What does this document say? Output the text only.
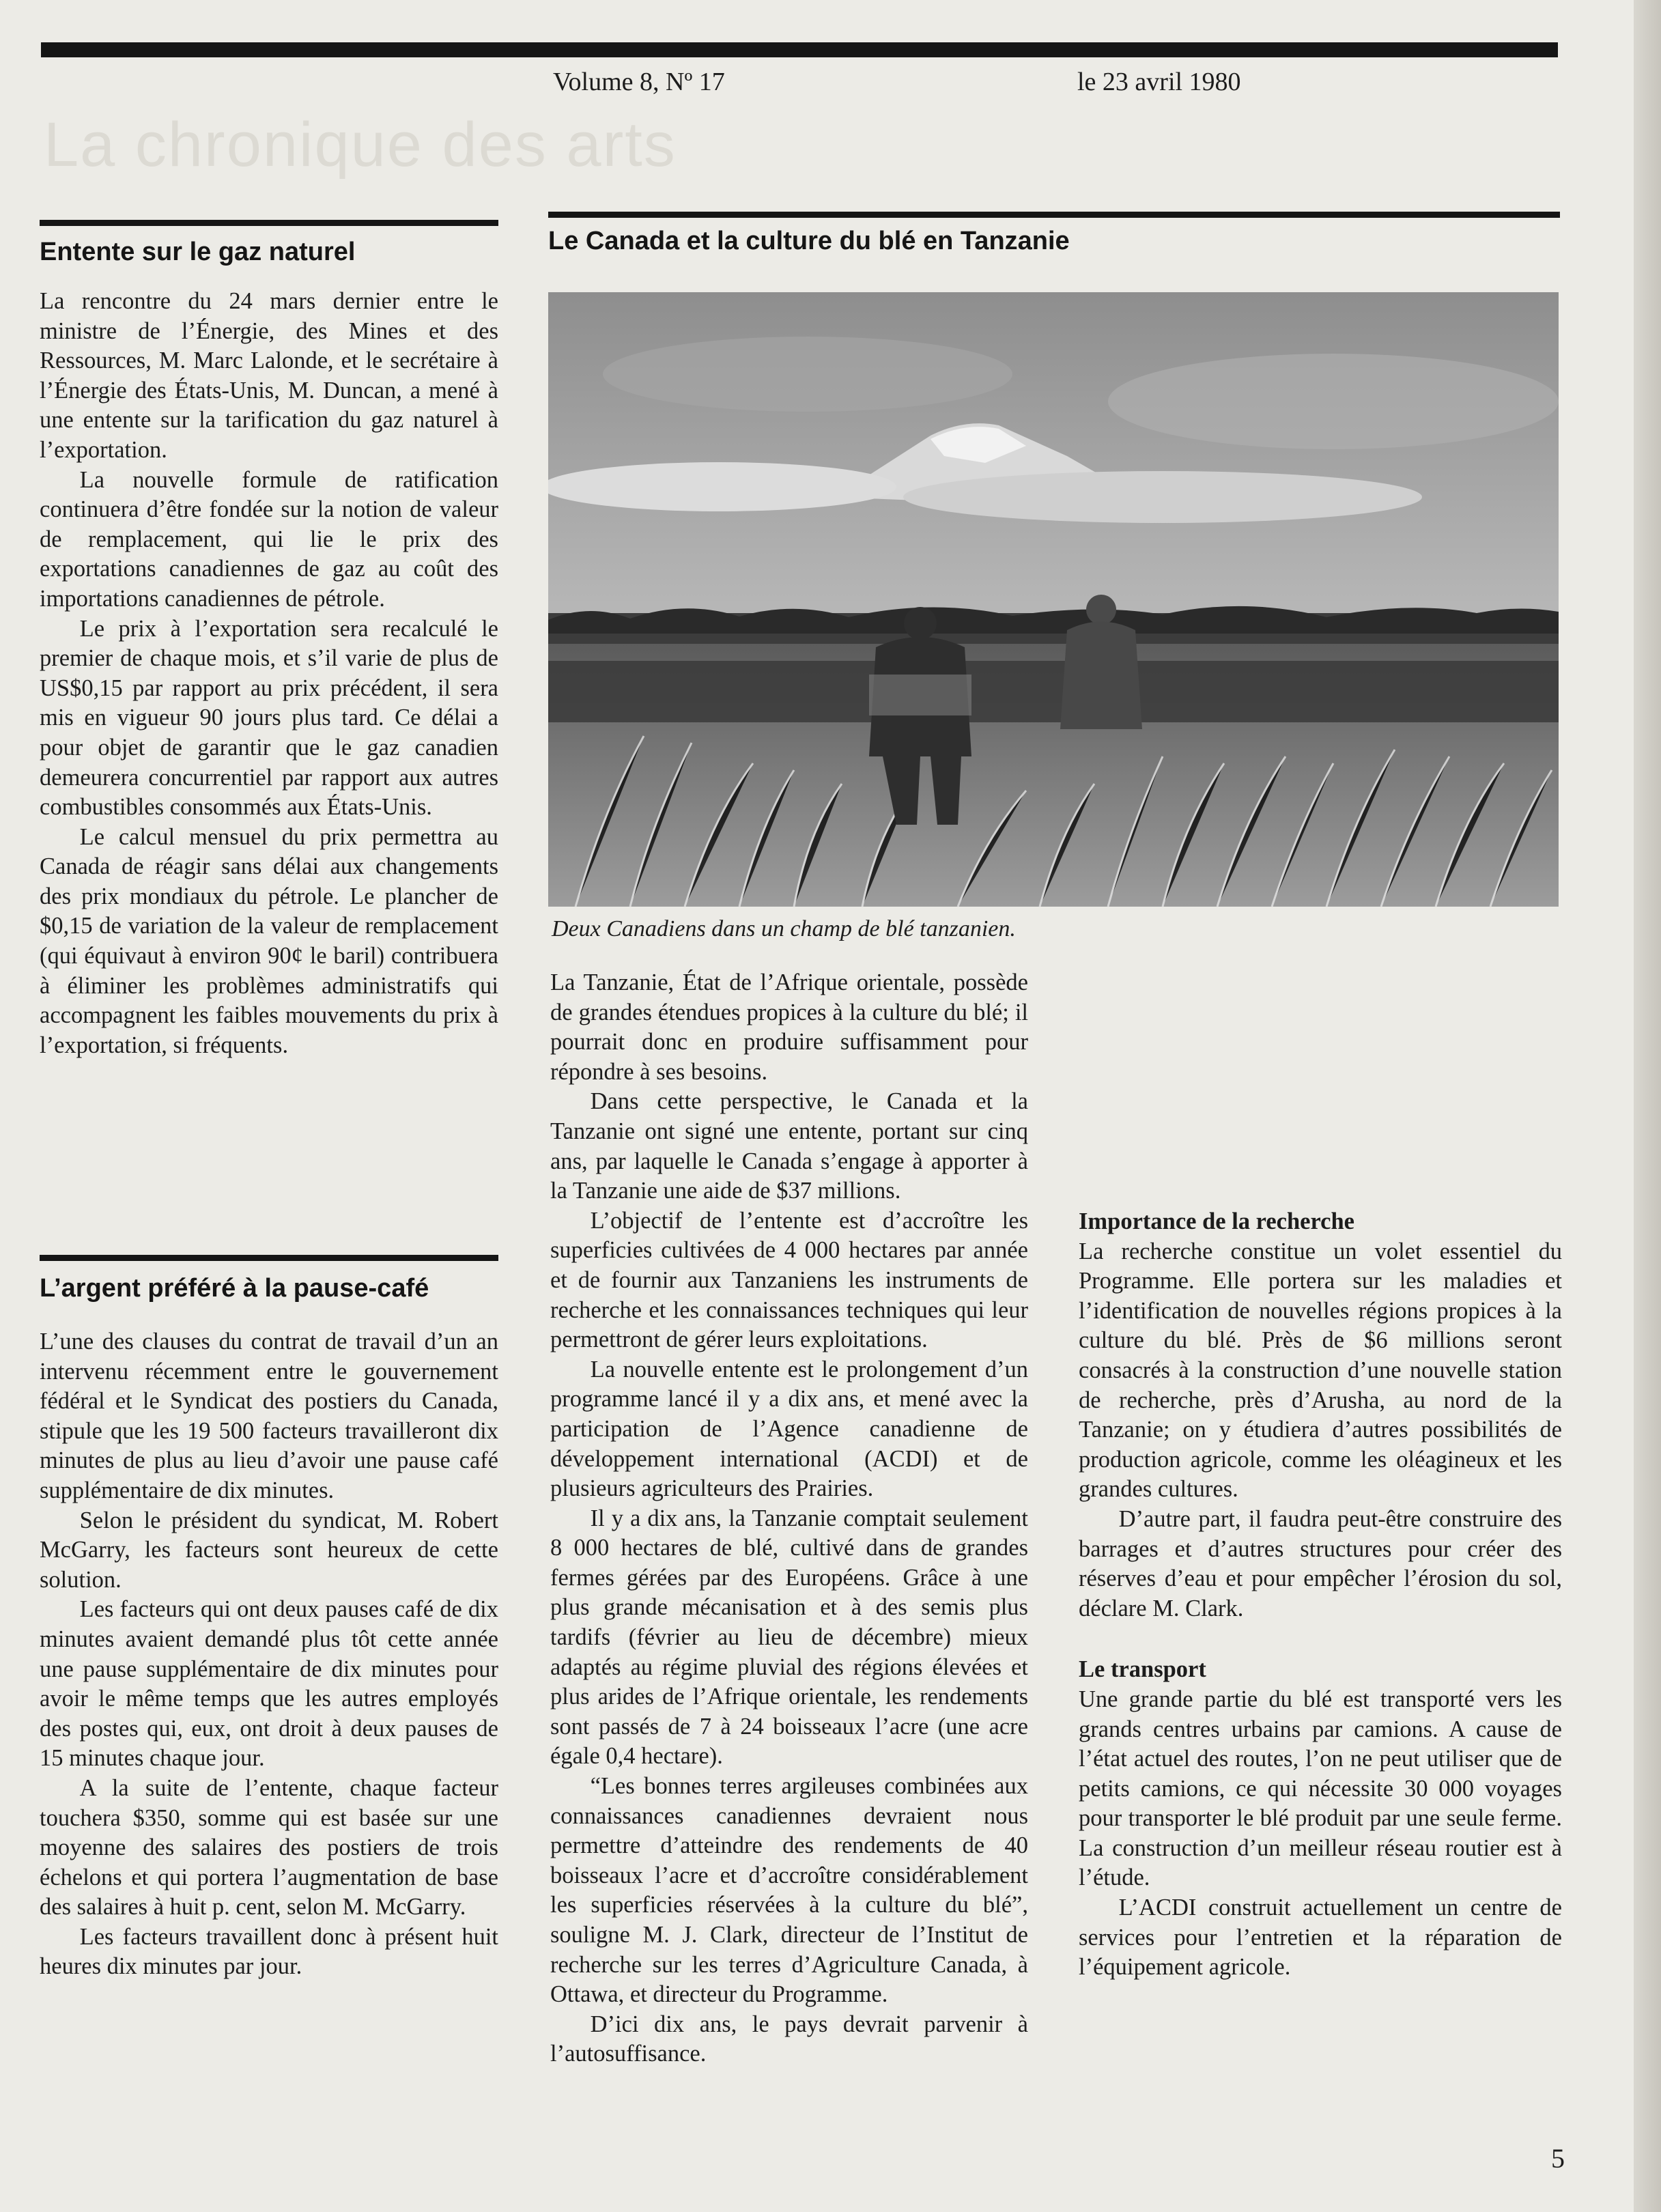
La chronique des arts
Volume 8, Nº 17	le 23 avril 1980
Entente sur le gaz naturel

La rencontre du 24 mars dernier entre le ministre de l’Énergie, des Mines et des Ressources, M. Marc Lalonde, et le secrétaire à l’Énergie des États-Unis, M. Duncan, a mené à une entente sur la tarification du gaz naturel à l’exportation.

La nouvelle formule de ratification continuera d’être fondée sur la notion de valeur de remplacement, qui lie le prix des exportations canadiennes de gaz au coût des importations canadiennes de pétrole.

Le prix à l’exportation sera recalculé le premier de chaque mois, et s’il varie de plus de US$0,15 par rapport au prix précédent, il sera mis en vigueur 90 jours plus tard. Ce délai a pour objet de garantir que le gaz canadien demeurera concurrentiel par rapport aux autres combustibles consommés aux États-Unis.

Le calcul mensuel du prix permettra au Canada de réagir sans délai aux changements des prix mondiaux du pétrole. Le plancher de $0,15 de variation de la valeur de remplacement (qui équivaut à environ 90¢ le baril) contribuera à éliminer les problèmes administratifs qui accompagnent les faibles mouvements du prix à l’exportation, si fréquents.

L’argent préféré à la pause-café

L’une des clauses du contrat de travail d’un an intervenu récemment entre le gouvernement fédéral et le Syndicat des postiers du Canada, stipule que les 19 500 facteurs travailleront dix minutes de plus au lieu d’avoir une pause café supplémentaire de dix minutes.

Selon le président du syndicat, M. Robert McGarry, les facteurs sont heureux de cette solution.

Les facteurs qui ont deux pauses café de dix minutes avaient demandé plus tôt cette année une pause supplémentaire de dix minutes pour avoir le même temps que les autres employés des postes qui, eux, ont droit à deux pauses de 15 minutes chaque jour.

A la suite de l’entente, chaque facteur touchera $350, somme qui est basée sur une moyenne des salaires des postiers de trois échelons et qui portera l’augmentation de base des salaires à huit p. cent, selon M. McGarry.

Les facteurs travaillent donc à présent huit heures dix minutes par jour.

Le Canada et la culture du blé en Tanzanie
Deux Canadiens dans un champ de blé tanzanien.

La Tanzanie, État de l’Afrique orientale, possède de grandes étendues propices à la culture du blé; il pourrait donc en produire suffisamment pour répondre à ses besoins.

Dans cette perspective, le Canada et la Tanzanie ont signé une entente, portant sur cinq ans, par laquelle le Canada s’engage à apporter à la Tanzanie une aide de $37 millions.

L’objectif de l’entente est d’accroître les superficies cultivées de 4 000 hectares par année et de fournir aux Tanzaniens les instruments de recherche et les connaissances techniques qui leur permettront de gérer leurs exploitations.

La nouvelle entente est le prolongement d’un programme lancé il y a dix ans, et mené avec la participation de l’Agence canadienne de développement international (ACDI) et de plusieurs agriculteurs des Prairies.

Il y a dix ans, la Tanzanie comptait seulement 8 000 hectares de blé, cultivé dans de grandes fermes gérées par des Européens. Grâce à une plus grande mécanisation et à des semis plus tardifs (février au lieu de décembre) mieux adaptés au régime pluvial des régions élevées et plus arides de l’Afrique orientale, les rendements sont passés de 7 à 24 boisseaux l’acre (une acre égale 0,4 hectare).

“Les bonnes terres argileuses combinées aux connaissances canadiennes devraient nous permettre d’atteindre des rendements de 40 boisseaux l’acre et d’accroître considérablement les superficies réservées à la culture du blé”, souligne M. J. Clark, directeur de l’Institut de recherche sur les terres d’Agriculture Canada, à Ottawa, et directeur du Programme.

D’ici dix ans, le pays devrait parvenir à l’autosuffisance.

Importance de la recherche

La recherche constitue un volet essentiel du Programme. Elle portera sur les maladies et l’identification de nouvelles régions propices à la culture du blé. Près de $6 millions seront consacrés à la construction d’une nouvelle station de recherche, près d’Arusha, au nord de la Tanzanie; on y étudiera d’autres possibilités de production agricole, comme les oléagineux et les grandes cultures.

D’autre part, il faudra peut-être construire des barrages et d’autres structures pour créer des réserves d’eau et pour empêcher l’érosion du sol, déclare M. Clark.

Le transport

Une grande partie du blé est transporté vers les grands centres urbains par camions. A cause de l’état actuel des routes, l’on ne peut utiliser que de petits camions, ce qui nécessite 30 000 voyages pour transporter le blé produit par une seule ferme. La construction d’un meilleur réseau routier est à l’étude.

L’ACDI construit actuellement un centre de services pour l’entretien et la réparation de l’équipement agricole.

5
